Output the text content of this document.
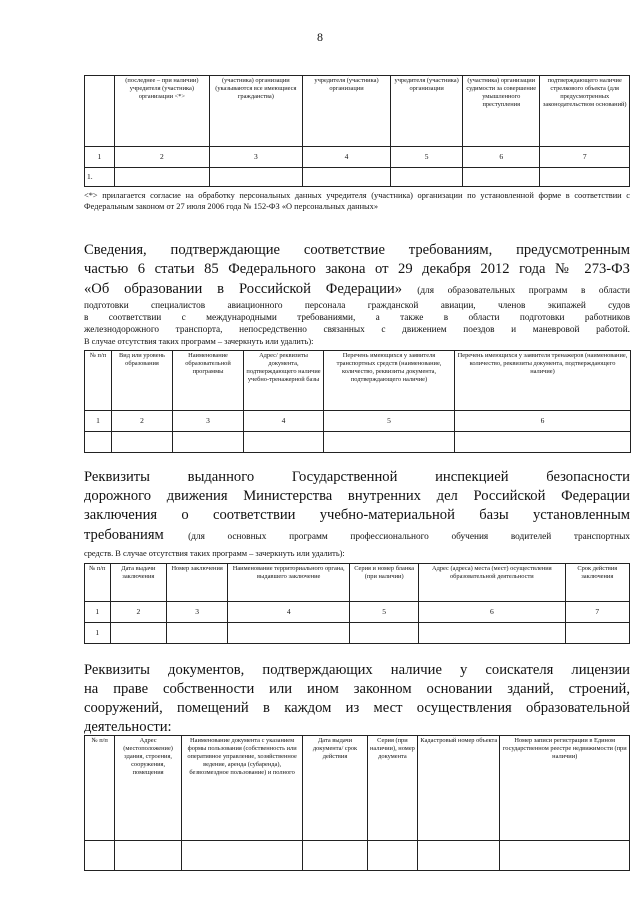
8
	(последнее – при наличии) учредителя (участника) организации <*>	(участника) организации (указываются все имеющиеся гражданства)	учредителя (участника) организации	учредителя (участника) организации	(участника) организации судимости за совершение умышленного преступления	подтверждающего наличие стрелкового объекта (для предусмотренных законодательством оснований)
1	2	3	4	5	6	7
1.						
<*> прилагается согласие на обработку персональных данных учредителя (участника) организации по установленной форме в соответствии с Федеральным законом от 27 июля 2006 года № 152-ФЗ «О персональных данных»
Сведения, подтверждающие соответствие требованиям, предусмотренным
частью 6 статьи 85 Федерального закона от 29 декабря 2012 года № 273-ФЗ
«Об образовании в Российской Федерации» (для образовательных программ в области
подготовки специалистов авиационного персонала гражданской авиации, членов экипажей судов
в соответствии с международными требованиями, а также в области подготовки работников
железнодорожного транспорта, непосредственно связанных с движением поездов и маневровой работой.
В случае отсутствия таких программ – зачеркнуть или удалить):
№ п/п	Вид или уровень образования	Наименование образовательной программы	Адрес/ реквизиты документа, подтверждающего наличие учебно-тренажерной базы	Перечень имеющихся у заявителя транспортных средств (наименование, количество, реквизиты документа, подтверждающего наличие)	Перечень имеющихся у заявителя тренажеров (наименование, количество, реквизиты документа, подтверждающего наличие)
1	2	3	4	5	6

Реквизиты выданного Государственной инспекцией безопасности
дорожного движения Министерства внутренних дел Российской Федерации
заключения о соответствии учебно-материальной базы установленным
требованиям	(для основных программ профессионального обучения водителей транспортных
средств. В случае отсутствия таких программ – зачеркнуть или удалить):
№ п/п	Дата выдачи заключения	Номер заключения	Наименование территориального органа, выдавшего заключение	Серия и номер бланка (при наличии)	Адрес (адреса) места (мест) осуществления образовательной деятельности	Срок действия заключения
1	2	3	4	5	6	7
1						
Реквизиты документов, подтверждающих наличие у соискателя лицензии
на праве собственности или ином законном основании зданий, строений,
сооружений, помещений в каждом из мест осуществления образовательной
деятельности:
№ п/п	Адрес (местоположение) здания, строения, сооружения, помещения	Наименование документа с указанием формы пользования (собственность или оперативное управление, хозяйственное ведение, аренда (субаренда), безвозмездное пользование) и полного	Дата выдачи документа/ срок действия	Серия (при наличии), номер документа	Кадастровый номер объекта	Номер записи регистрации в Едином государственном реестре недвижимости (при наличии)
